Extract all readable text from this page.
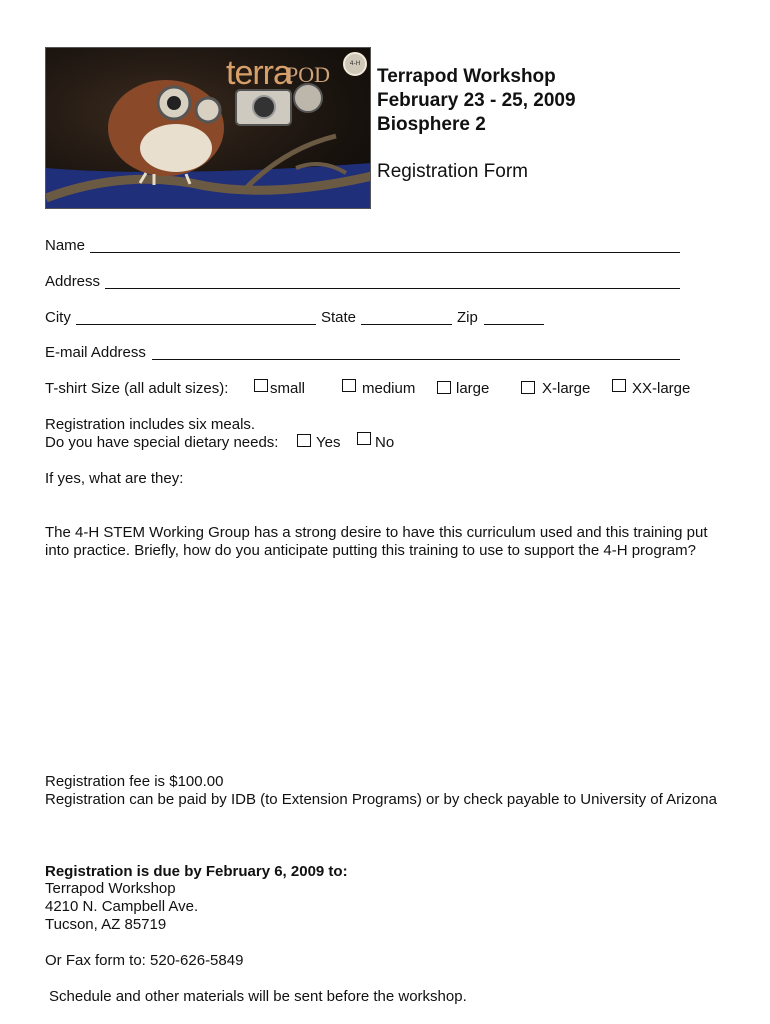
terra
POD	4-H
Terrapod Workshop
February 23 - 25, 2009
Biosphere 2
Registration Form
Name
Address
City	State	Zip
E-mail Address
T-shirt Size (all adult sizes):	small	medium	large	X-large	XX-large
Registration includes six meals.
Do you have special dietary needs:	Yes No
If yes, what are they:
The 4-H STEM Working Group has a strong desire to have this curriculum used and this training put
into practice. Briefly, how do you anticipate putting this training to use to support the 4-H program?
Registration fee is $100.00
Registration can be paid by IDB (to Extension Programs) or by check payable to University of Arizona
Registration is due by February 6, 2009 to:
Terrapod Workshop
4210 N. Campbell Ave.
Tucson, AZ 85719
Or Fax form to: 520-626-5849
Schedule and other materials will be sent before the workshop.
